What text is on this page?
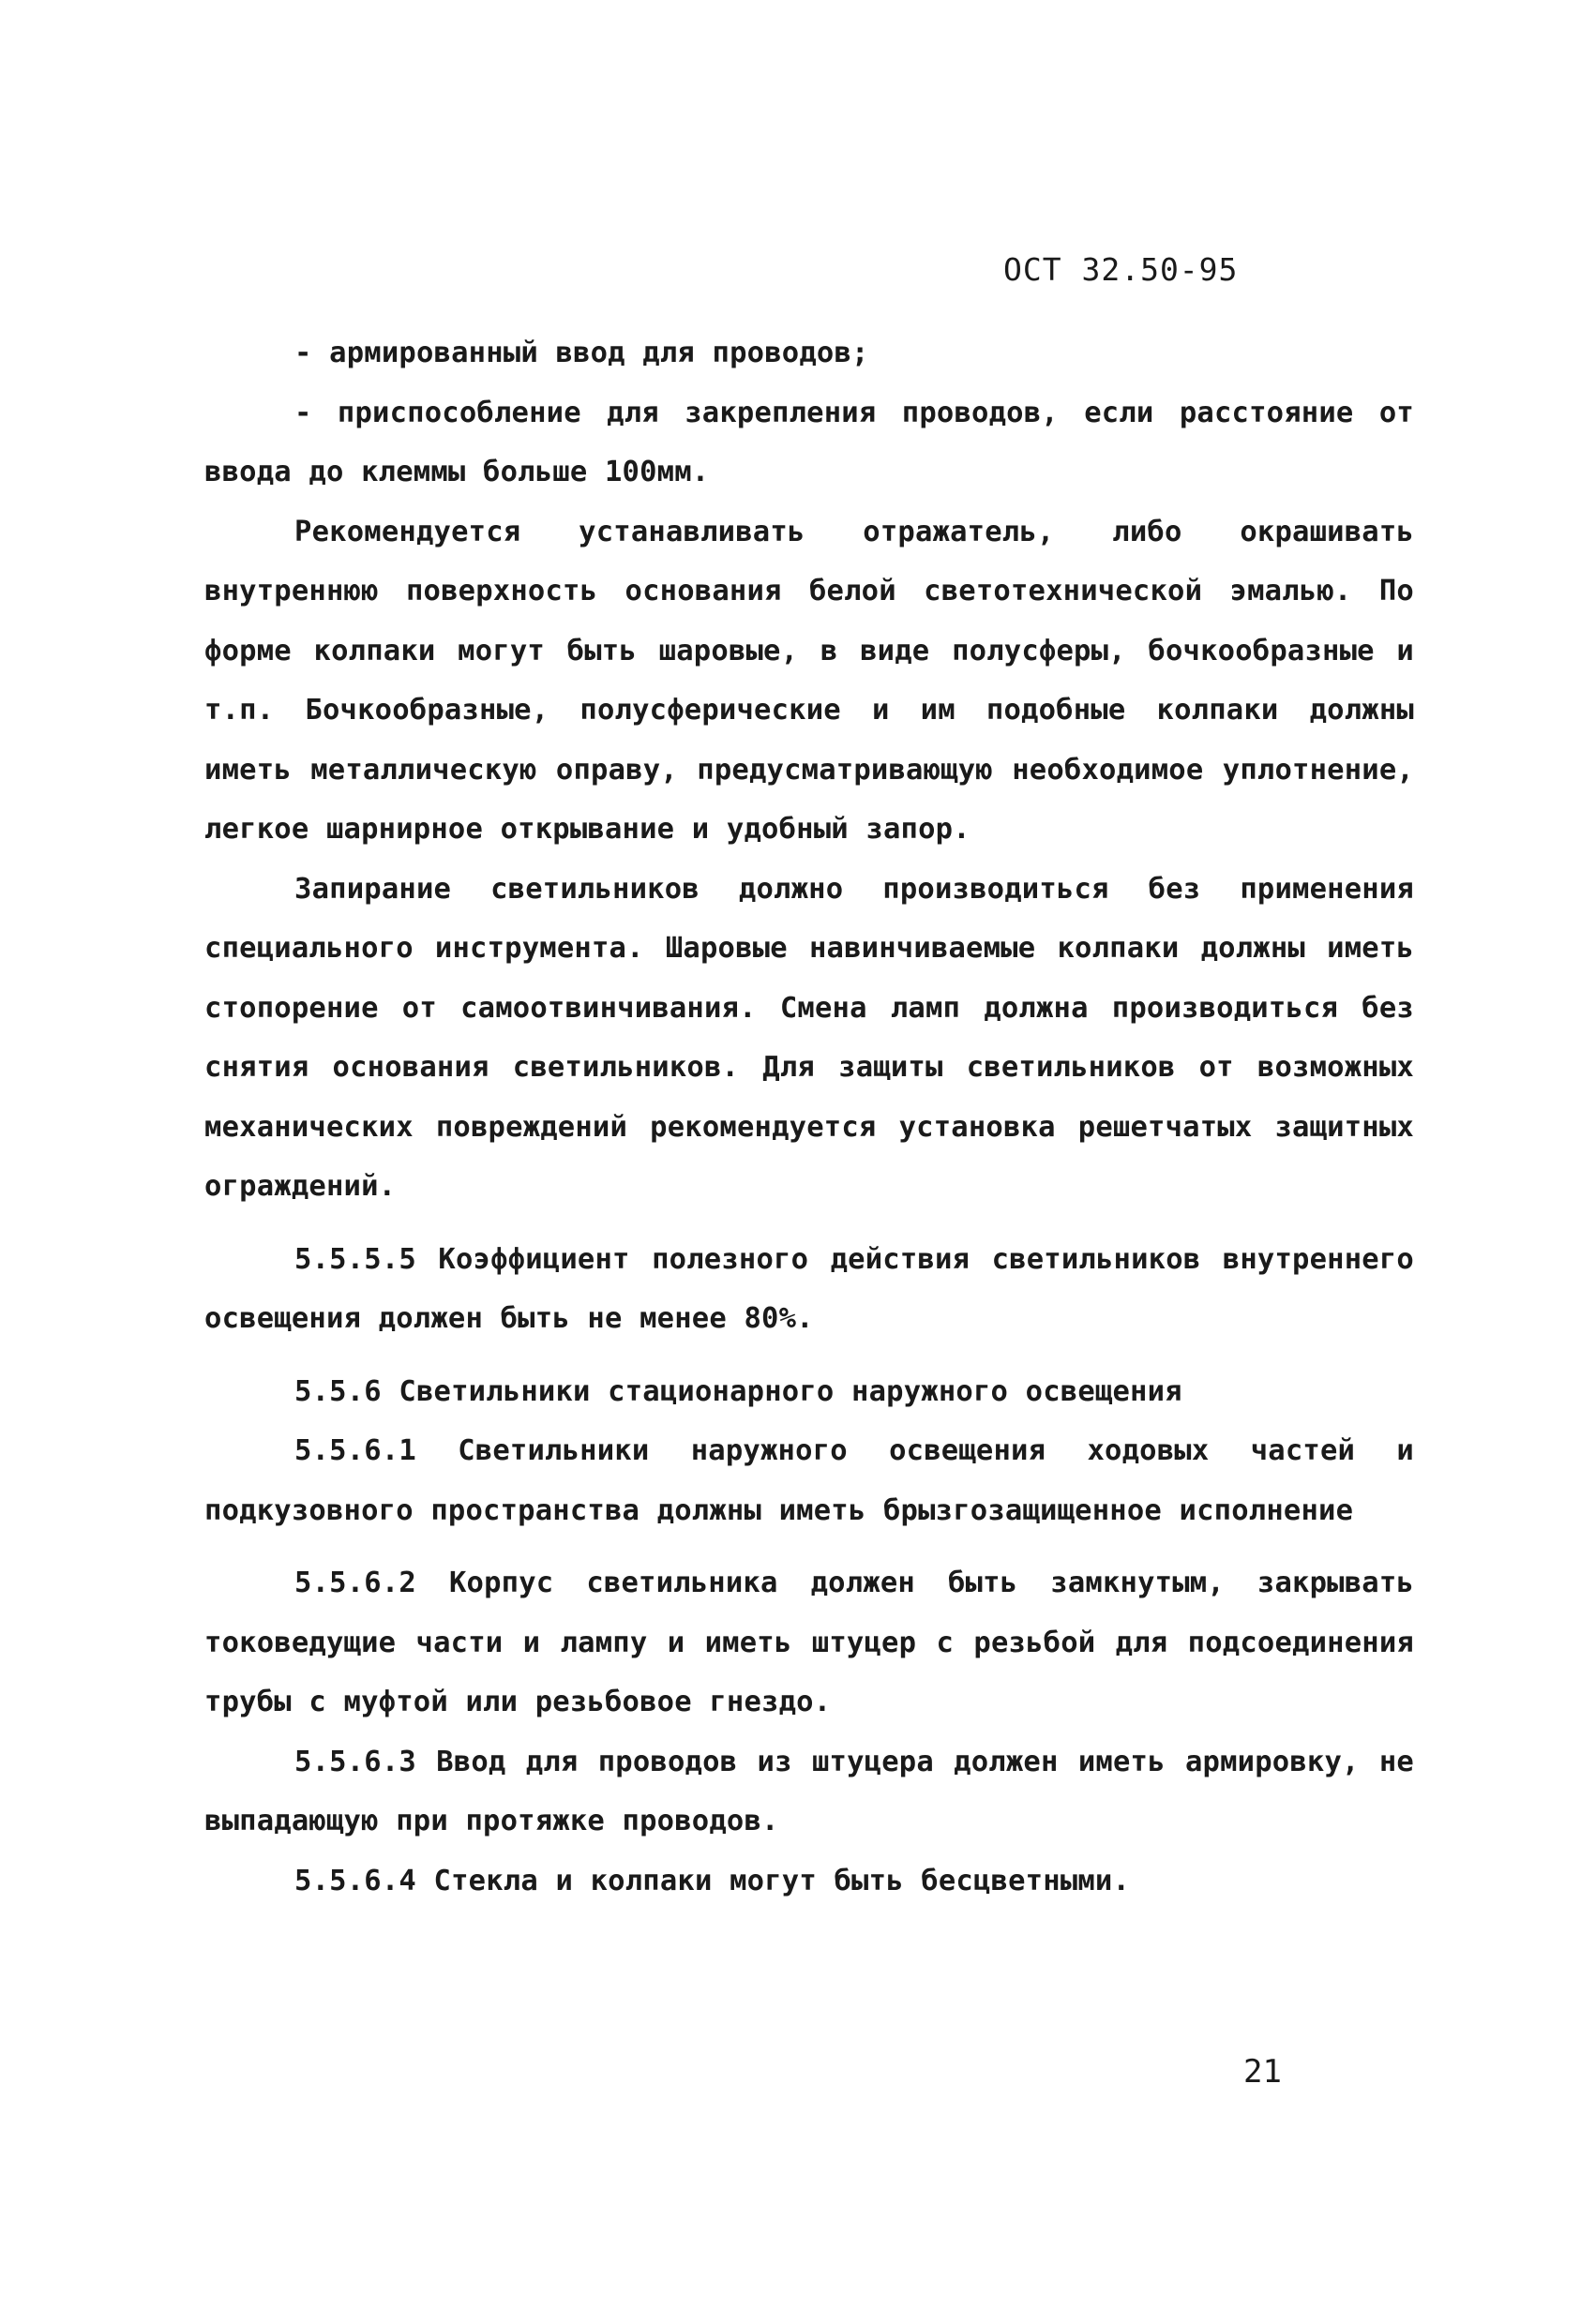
ОСТ 32.50-95

- армированный ввод для проводов;

- приспособление для закрепления проводов, если расстояние от ввода до клеммы больше 100мм.

Рекомендуется устанавливать отражатель, либо окрашивать внутреннюю поверхность основания белой светотехнической эмалью. По форме колпаки могут быть шаровые, в виде полусферы, бочкообразные и т.п. Бочкообразные, полусферические и им подобные колпаки должны иметь металлическую оправу, предусматривающую необходимое уплотнение, легкое шарнирное открывание и удобный запор.

Запирание светильников должно производиться без применения специального инструмента. Шаровые навинчиваемые колпаки должны иметь стопорение от самоотвинчивания. Смена ламп должна производиться без снятия основания светильников. Для защиты светильников от возможных механических повреждений рекомендуется установка решетчатых защитных ограждений.

5.5.5.5 Коэффициент полезного действия светильников внутреннего освещения должен быть не менее 80%.

5.5.6 Светильники стационарного наружного освещения

5.5.6.1 Светильники наружного освещения ходовых частей и подкузовного пространства должны иметь брызгозащищенное исполнение

5.5.6.2 Корпус светильника должен быть замкнутым, закрывать токоведущие части и лампу и иметь штуцер с резьбой для подсоединения трубы с муфтой или резьбовое гнездо.

5.5.6.3 Ввод для проводов из штуцера должен иметь армировку, не выпадающую при протяжке проводов.

5.5.6.4 Стекла и колпаки могут быть бесцветными.

21
